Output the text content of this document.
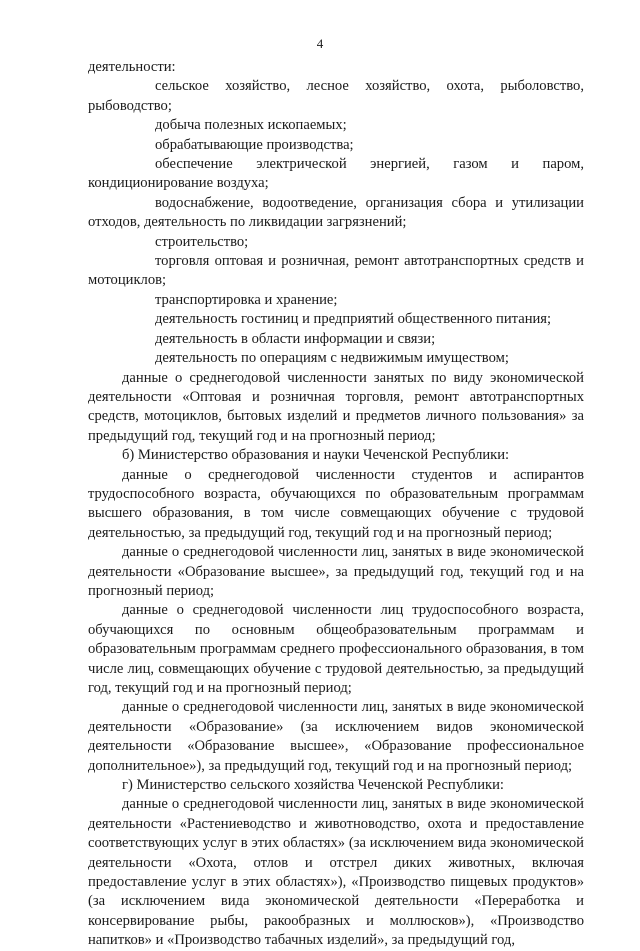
4

деятельности:

сельское хозяйство, лесное хозяйство, охота, рыболовство, рыбоводство;

добыча полезных ископаемых;

обрабатывающие производства;

обеспечение электрической энергией, газом и паром, кондиционирование воздуха;

водоснабжение, водоотведение, организация сбора и утилизации отходов, деятельность по ликвидации загрязнений;

строительство;

торговля оптовая и розничная, ремонт автотранспортных средств и мотоциклов;

транспортировка и хранение;

деятельность гостиниц и предприятий общественного питания;

деятельность в области информации и связи;

деятельность по операциям с недвижимым имуществом;

данные о среднегодовой численности занятых по виду экономической деятельности «Оптовая и розничная торговля, ремонт автотранспортных средств, мотоциклов, бытовых изделий и предметов личного пользования» за предыдущий год, текущий год и на прогнозный период;

б) Министерство образования и науки Чеченской Республики:

данные о среднегодовой численности студентов и аспирантов трудоспособного возраста, обучающихся по образовательным программам высшего образования, в том числе совмещающих обучение с трудовой деятельностью, за предыдущий год, текущий год и на прогнозный период;

данные о среднегодовой численности лиц, занятых в виде экономической деятельности «Образование высшее», за предыдущий год, текущий год и на прогнозный период;

данные о среднегодовой численности лиц трудоспособного возраста, обучающихся по основным общеобразовательным программам и образовательным программам среднего профессионального образования, в том числе лиц, совмещающих обучение с трудовой деятельностью, за предыдущий год, текущий год и на прогнозный период;

данные о среднегодовой численности лиц, занятых в виде экономической деятельности «Образование» (за исключением видов экономической деятельности «Образование высшее», «Образование профессиональное дополнительное»), за предыдущий год, текущий год и на прогнозный период;

г) Министерство сельского хозяйства Чеченской Республики:

данные о среднегодовой численности лиц, занятых в виде экономической деятельности «Растениеводство и животноводство, охота и предоставление соответствующих услуг в этих областях» (за исключением вида экономической деятельности «Охота, отлов и отстрел диких животных, включая предоставление услуг в этих областях»), «Производство пищевых продуктов» (за исключением вида экономической деятельности «Переработка и консервирование рыбы, ракообразных и моллюсков»), «Производство напитков» и «Производство табачных изделий», за предыдущий год,
